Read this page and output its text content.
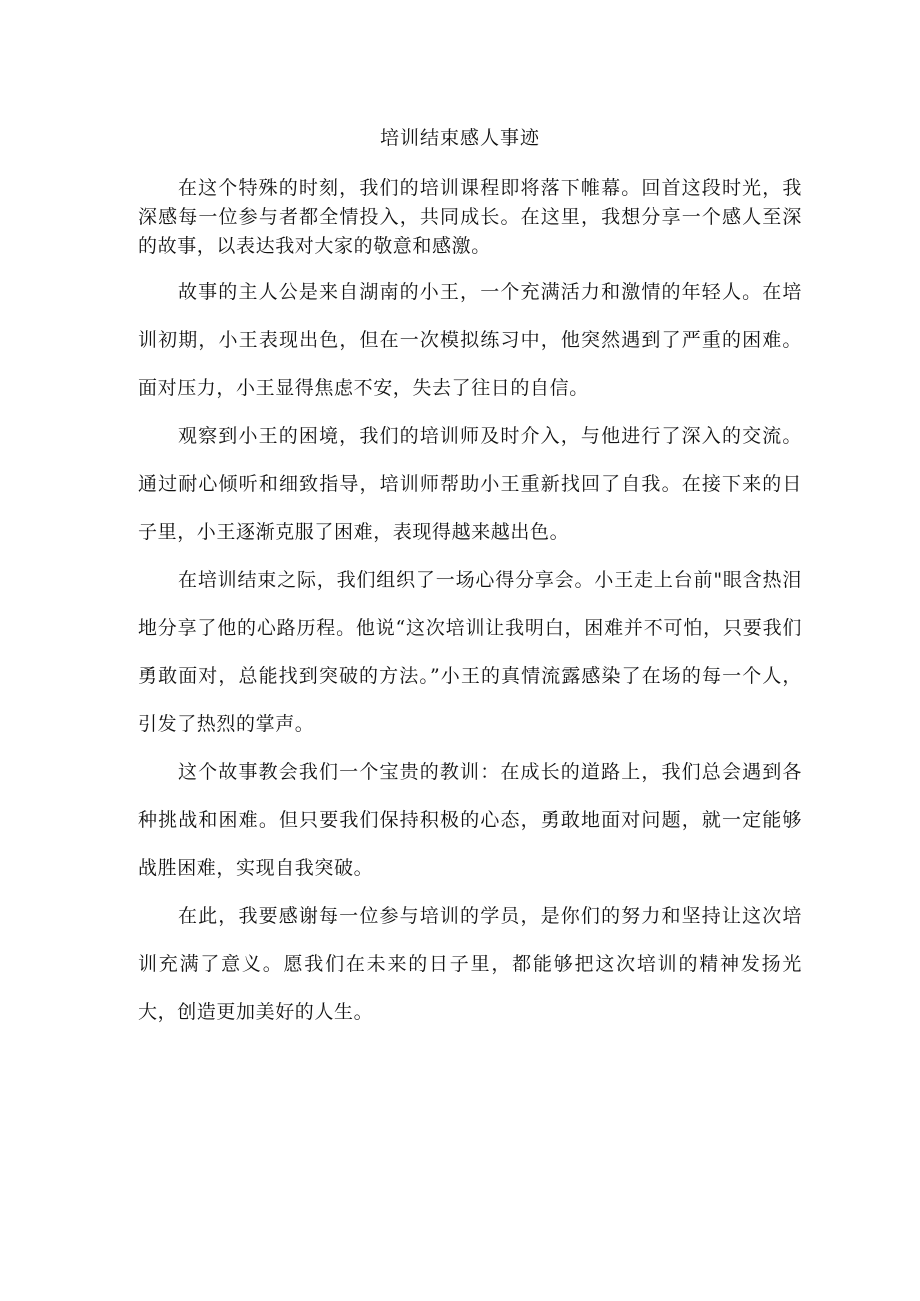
培训结束感人事迹

在这个特殊的时刻，我们的培训课程即将落下帷幕。回首这段时光，我深感每一位参与者都全情投入，共同成长。在这里，我想分享一个感人至深的故事，以表达我对大家的敬意和感激。

故事的主人公是来自湖南的小王，一个充满活力和激情的年轻人。在培训初期，小王表现出色，但在一次模拟练习中，他突然遇到了严重的困难。面对压力，小王显得焦虑不安，失去了往日的自信。

观察到小王的困境，我们的培训师及时介入，与他进行了深入的交流。通过耐心倾听和细致指导，培训师帮助小王重新找回了自我。在接下来的日子里，小王逐渐克服了困难，表现得越来越出色。

在培训结束之际，我们组织了一场心得分享会。小王走上台前"眼含热泪地分享了他的心路历程。他说“这次培训让我明白，困难并不可怕，只要我们勇敢面对，总能找到突破的方法。”小王的真情流露感染了在场的每一个人，引发了热烈的掌声。

这个故事教会我们一个宝贵的教训：在成长的道路上，我们总会遇到各种挑战和困难。但只要我们保持积极的心态，勇敢地面对问题，就一定能够战胜困难，实现自我突破。

在此，我要感谢每一位参与培训的学员，是你们的努力和坚持让这次培训充满了意义。愿我们在未来的日子里，都能够把这次培训的精神发扬光大，创造更加美好的人生。
